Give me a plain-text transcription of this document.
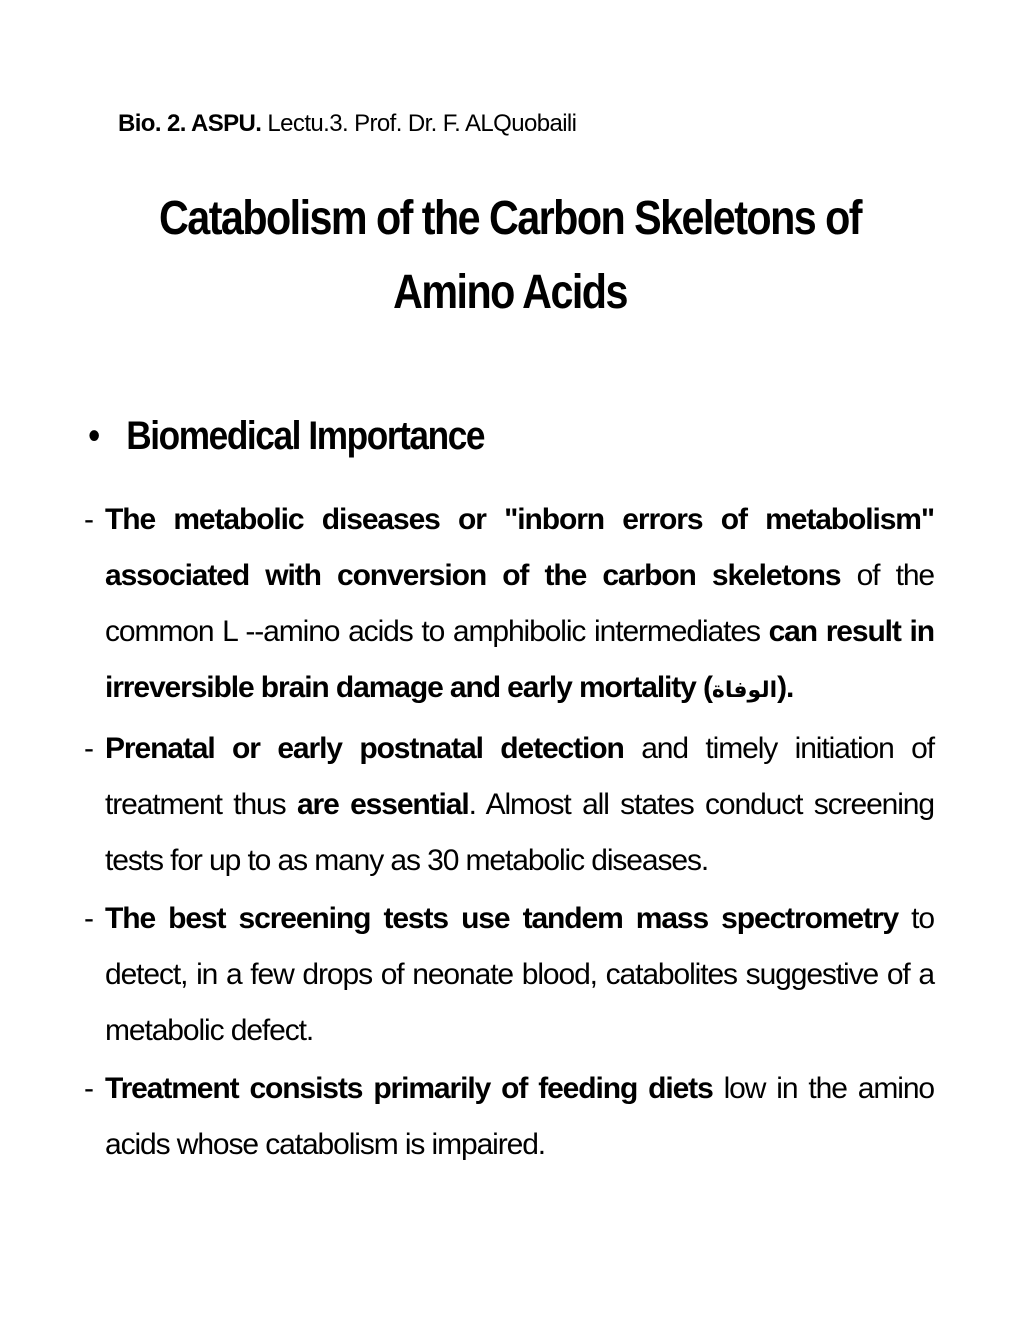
Bio. 2. ASPU. Lectu.3. Prof. Dr. F. ALQuobaili
Catabolism of the Carbon Skeletons of
Amino Acids
• Biomedical Importance
- The metabolic diseases or "inborn errors of metabolism" associated with conversion of the carbon skeletons of the common L --amino acids to amphibolic intermediates can result in irreversible brain damage and early mortality (الوفاة).
- Prenatal or early postnatal detection and timely initiation of treatment thus are essential. Almost all states conduct screening tests for up to as many as 30 metabolic diseases.
- The best screening tests use tandem mass spectrometry to detect, in a few drops of neonate blood, catabolites suggestive of a metabolic defect.
- Treatment consists primarily of feeding diets low in the amino acids whose catabolism is impaired.
